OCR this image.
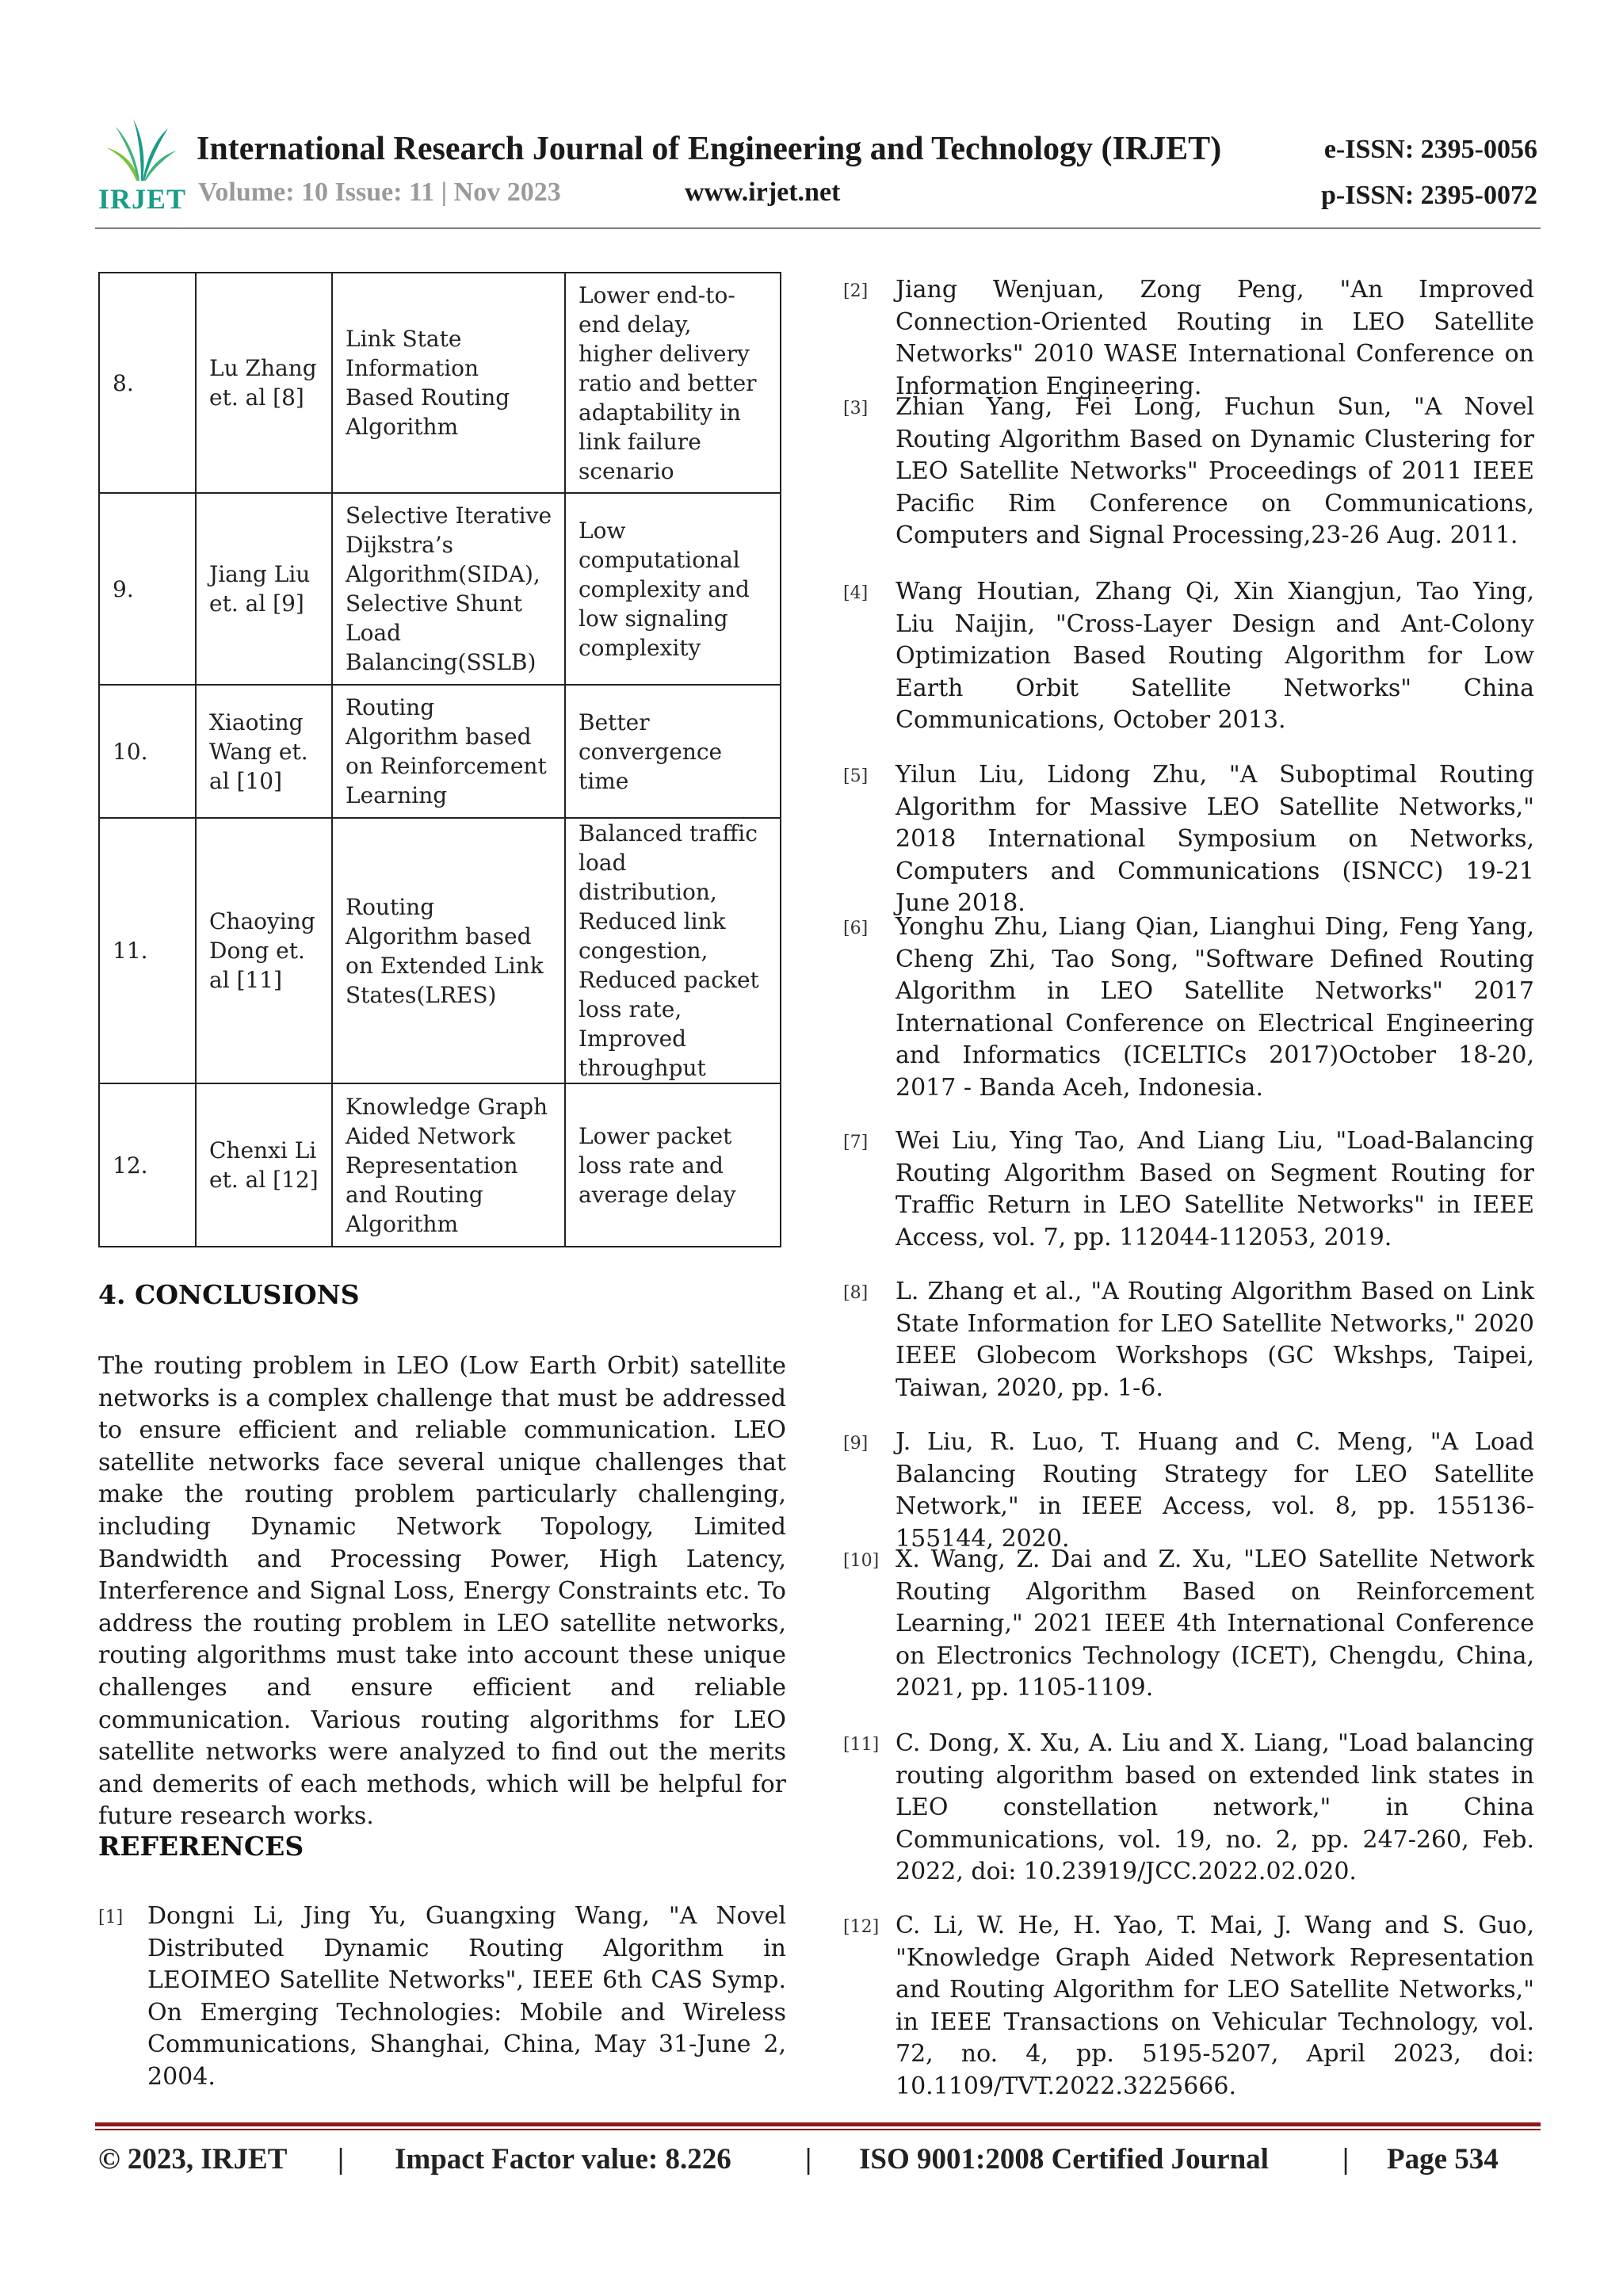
IRJET
International Research Journal of Engineering and Technology (IRJET)
Volume: 10 Issue: 11 | Nov 2023	www.irjet.net
e-ISSN: 2395-0056
p-ISSN: 2395-0072
8.	Lu Zhang et. al [8]	Link State Information Based Routing Algorithm	Lower end-to-end delay, higher delivery ratio and better adaptability in link failure scenario
9.	Jiang Liu et. al [9]	Selective Iterative Dijkstra’s Algorithm(SIDA), Selective Shunt Load Balancing(SSLB)	Low computational complexity and low signaling complexity
10.	Xiaoting Wang et. al [10]	Routing Algorithm based on Reinforcement Learning	Better convergence time
11.	Chaoying Dong et. al [11]	Routing Algorithm based on Extended Link States(LRES)	Balanced traffic load distribution, Reduced link congestion, Reduced packet loss rate, Improved throughput
12.	Chenxi Li et. al [12]	Knowledge Graph Aided Network Representation and Routing Algorithm	Lower packet loss rate and average delay
4. CONCLUSIONS

The routing problem in LEO (Low Earth Orbit) satellite networks is a complex challenge that must be addressed to ensure efficient and reliable communication. LEO satellite networks face several unique challenges that make the routing problem particularly challenging, including Dynamic Network Topology, Limited Bandwidth and Processing Power, High Latency, Interference and Signal Loss, Energy Constraints etc. To address the routing problem in LEO satellite networks, routing algorithms must take into account these unique challenges and ensure efficient and reliable communication. Various routing algorithms for LEO satellite networks were analyzed to find out the merits and demerits of each methods, which will be helpful for future research works.

REFERENCES
[1]	Dongni Li, Jing Yu, Guangxing Wang, "A Novel Distributed Dynamic Routing Algorithm in LEOIMEO Satellite Networks", IEEE 6th CAS Symp. On Emerging Technologies: Mobile and Wireless Communications, Shanghai, China, May 31-June 2, 2004.
[2]	Jiang Wenjuan, Zong Peng, "An Improved Connection-Oriented Routing in LEO Satellite Networks" 2010 WASE International Conference on Information Engineering.
[3]	Zhian Yang, Fei Long, Fuchun Sun, "A Novel Routing Algorithm Based on Dynamic Clustering for LEO Satellite Networks" Proceedings of 2011 IEEE Pacific Rim Conference on Communications, Computers and Signal Processing,23-26 Aug. 2011.
[4]	Wang Houtian, Zhang Qi, Xin Xiangjun, Tao Ying, Liu Naijin, "Cross-Layer Design and Ant-Colony Optimization Based Routing Algorithm for Low Earth Orbit Satellite Networks" China Communications, October 2013.
[5]	Yilun Liu, Lidong Zhu, "A Suboptimal Routing Algorithm for Massive LEO Satellite Networks," 2018 International Symposium on Networks, Computers and Communications (ISNCC) 19-21 June 2018.
[6]	Yonghu Zhu, Liang Qian, Lianghui Ding, Feng Yang, Cheng Zhi, Tao Song, "Software Defined Routing Algorithm in LEO Satellite Networks" 2017 International Conference on Electrical Engineering and Informatics (ICELTICs 2017)October 18-20, 2017 - Banda Aceh, Indonesia.
[7]	Wei Liu, Ying Tao, And Liang Liu, "Load-Balancing Routing Algorithm Based on Segment Routing for Traffic Return in LEO Satellite Networks" in IEEE Access, vol. 7, pp. 112044-112053, 2019.
[8]	L. Zhang et al., "A Routing Algorithm Based on Link State Information for LEO Satellite Networks," 2020 IEEE Globecom Workshops (GC Wkshps, Taipei, Taiwan, 2020, pp. 1-6.
[9]	J. Liu, R. Luo, T. Huang and C. Meng, "A Load Balancing Routing Strategy for LEO Satellite Network," in IEEE Access, vol. 8, pp. 155136-155144, 2020.
[10] X. Wang, Z. Dai and Z. Xu, "LEO Satellite Network Routing Algorithm Based on Reinforcement Learning," 2021 IEEE 4th International Conference on Electronics Technology (ICET), Chengdu, China, 2021, pp. 1105-1109.
[11] C. Dong, X. Xu, A. Liu and X. Liang, "Load balancing routing algorithm based on extended link states in LEO constellation network," in China Communications, vol. 19, no. 2, pp. 247-260, Feb. 2022, doi: 10.23919/JCC.2022.02.020.
[12] C. Li, W. He, H. Yao, T. Mai, J. Wang and S. Guo, "Knowledge Graph Aided Network Representation and Routing Algorithm for LEO Satellite Networks," in IEEE Transactions on Vehicular Technology, vol. 72, no. 4, pp. 5195-5207, April 2023, doi: 10.1109/TVT.2022.3225666.
© 2023, IRJET | Impact Factor value: 8.226	| ISO 9001:2008 Certified Journal	| Page 534
